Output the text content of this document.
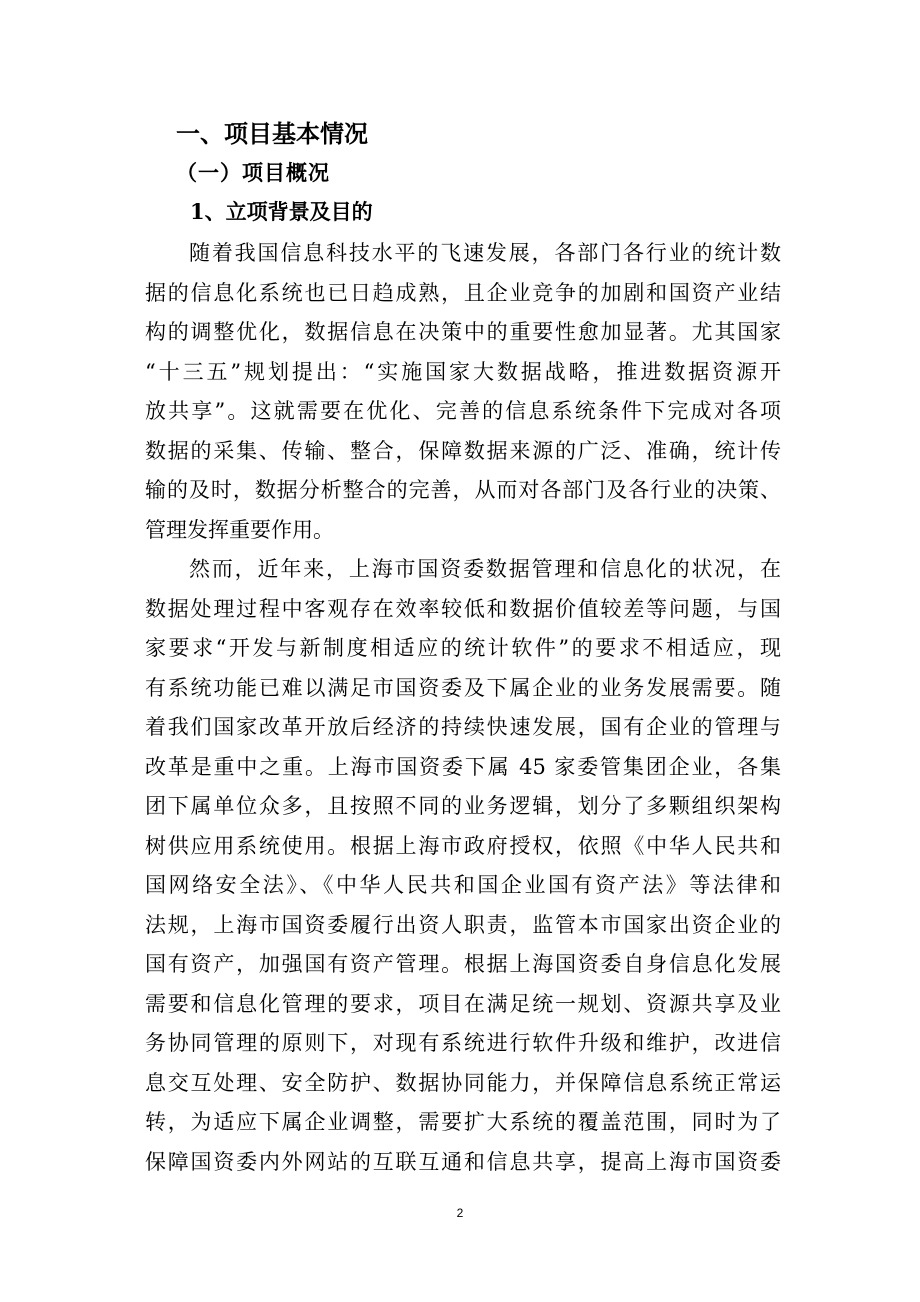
一、项目基本情况
（一）项目概况
1、立项背景及目的
随着我国信息科技水平的飞速发展，各部门各行业的统计数
据的信息化系统也已日趋成熟，且企业竞争的加剧和国资产业结
构的调整优化，数据信息在决策中的重要性愈加显著。尤其国家
“十三五”规划提出：“实施国家大数据战略，推进数据资源开
放共享”。这就需要在优化、完善的信息系统条件下完成对各项
数据的采集、传输、整合，保障数据来源的广泛、准确，统计传
输的及时，数据分析整合的完善，从而对各部门及各行业的决策、
管理发挥重要作用。
然而，近年来，上海市国资委数据管理和信息化的状况，在
数据处理过程中客观存在效率较低和数据价值较差等问题，与国
家要求“开发与新制度相适应的统计软件”的要求不相适应，现
有系统功能已难以满足市国资委及下属企业的业务发展需要。随
着我们国家改革开放后经济的持续快速发展，国有企业的管理与
改革是重中之重。上海市国资委下属 45 家委管集团企业，各集
团下属单位众多，且按照不同的业务逻辑，划分了多颗组织架构
树供应用系统使用。根据上海市政府授权，依照《中华人民共和
国网络安全法》、《中华人民共和国企业国有资产法》等法律和
法规，上海市国资委履行出资人职责，监管本市国家出资企业的
国有资产，加强国有资产管理。根据上海国资委自身信息化发展
需要和信息化管理的要求，项目在满足统一规划、资源共享及业
务协同管理的原则下，对现有系统进行软件升级和维护，改进信
息交互处理、安全防护、数据协同能力，并保障信息系统正常运
转，为适应下属企业调整，需要扩大系统的覆盖范围，同时为了
保障国资委内外网站的互联互通和信息共享，提高上海市国资委
2
